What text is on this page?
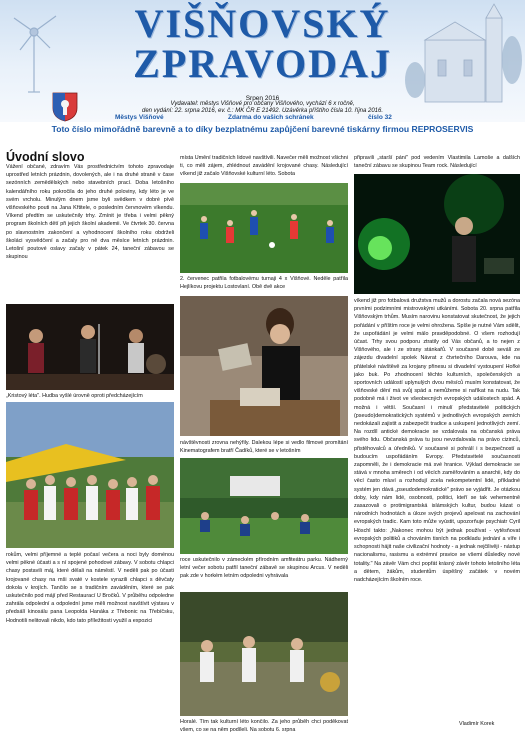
VIŠŇOVSKÝ
ZPRAVODAJ
Srpen 2016
Vydavatel: městys Višňové pro občany Višňového, vychází 6 x ročně,
den vydání: 22. srpna 2016, ev. č.: MK ČR E 21492. Uzávěrka příštího čísla 10. října 2016.
Městys Višňové	Zdarma do vašich schránek	číslo 32
Toto číslo mimořádně barevně a to díky bezplatnému zapůjčení barevné tiskárny firmou REPROSERVIS
Úvodní slovo

Vážení občané, zdravím Vás prostřednictvím tohoto zpravodaje uprostřed letních prázdnin, dovolených, ale i na druhé straně v čase sezónních zemědělských nebo stavebních prací. Doba letošního kalendářního roku pokročila do jeho druhé poloviny, kdy léto je ve svém vrcholu. Minulým dnem jsme byli svědkem v dobré pívě višňovského pouti na Jana Křtitele, o posledním červnovém víkendu. Víkend předtím se uskutečnily trhy. Zmínit je třeba i velmi pěkný program školních dětí při jejich školní akademii. Ve čtvrtek 30. června po slavnostním zakončení a vyhodnocení školního roku obdrželi školáci vysvědčení a začaly pro ně dva měsíce letních prázdnin. Letošní poutové oslavy začaly v pátek 24, taneční zábavou se skupinou

„Kristový léta". Hudba vyšlé úrovně oproti předcházejícím

rokům, velmi příjemné a teplé počasí večera a noci byly doménou velmi pěkné účasti a s ní spojené pohodové zábavy. V sobotu chlapci chasy postavili máj, které dělali na náměstí. V neděli pak po účasti krojované chasy na mši svaté v kostele vyrazili chlapci s děvčaty dokola v krojích. Tančilo se s tradičním zaváděním, které se pak uskutečnilo pod májí před Restaurací U Bročků. V průběhu odpoledne zahrála odpolední a odpolední jsme měli možnost navštívit výstavu v předsálí kinosálu pana Leopolda Hanáka z Třebonic na Třebíčsku, Hodnotili nelitovali nikdo, kdo tato příležitosti využil a expozici

místa Umění tradičních lidové navštívili. Navečer měli možnost všichni ti, co měli zájem, zhlédnout zavádění krojované chasy. Následující víkend již začalo Višňovské kulturní léto. Sobota

2. červenec patřila fotbalovému turnaji 4 x Višňové. Neděle patřila Hejlíkovu projektu Lostovlaní. Obě dvě akce

návštěvnosti zrovna nehýřily. Dalekou lépe si vedlo filmové promítání Kinematografem bratří Čadíků, které se v letošním

roce uskutečnilo v zámeckém přírodním amfiteátru parku. Nádherný letní večer sobotu patřil taneční zábavě se skupinou Arcus. V neděli pak zde v horkém letním odpoledni vyhrávala

Horalé. Tím tak kulturní léto končilo. Za jeho průběh chci poděkovat všem, co se na něm podíleli. Na sobotu 6. srpna

připravili „starší páni" pod vedením Vlastimila Lamoše a dalších taneční zábavu se skupinou Team rock. Následující

víkend již pro fotbalová družstva mužů a dorostu začala nová sezóna prvními podzimními mistrovskými utkáními. Sobota 20. srpna patřila Višňovským trhům. Musím narovinu konstatovat skutečnost, že jejich pořádání v příštím roce je velmi ohrožena. Spíše je nutné Vám sdělit, že uspořádání je velmi málo pravděpodobné. O všem rozhodují účast. Trhy svou podporu ztratily od Vás občanů, a to nejen z Višňového, ale i ze strany stánkařů. V současné době seválí ze zájezdu divadelní spolek Návrat z čtvrtečního Darouva, kde na přátelské návštěvě za krojany přinesu si divadelní vystoupení Hořké jako buk. Po zhodnocení těchto kulturních, společenských a sportovních událostí uplynulých dvou měsíců musím konstatovat, že višňovské dění má svůj spád a nemůžeme si naříkat na nudu. Tak podobně má i život ve všeobecných evropských událostech spád. A možná i větší. Současní i minulí představitelé politických (pseudo)demokratických systémů v jednotlivých evropských zemích nedokázali zajistit a zabezpečit tradice a uskupení jednotlivých zemí. Na rozdíl antické demokracie se vzdalovala na občanská práva svého lidu. Občanská práva tu jsou nevzdalovala na právo cizinců, přistěhovalců a úředníků. V současné si pohrálí i s bezpečností a budoucím uspořádáním Evropy. Představitelé současnosti zapomněli, že i demokracie má své hranice. Výklad demokracie se stává v mnoha směrech i od věcích zaměřováním a anarchii, kdy do věcí často mluví a rozhodují zcela nekompetentní lidé, příkladné systém jen dává „pseudodemokratické" právo se vyjádřit. Je otázkou doby, kdy nám lidé, osobnosti, politici, kteří se tak vehementně zasazovali o protimigrantská islámských kultur, budou kázat o národních hodnotách a úloze svých projevů apelovat na zachování evropských tradic. Kam toto může vyústit, upozorňuje psychiatr Cyril Höschl takto: „Nakonec mohou být jednak používat - vytěsňovat evropských politiků a chováním tisních na podkladu jednání a víře i schopnosti hájit naše civilizační hodnoty - a jednak nejčilivěji - nástup nacionalismu, rasismu a extrémní pravice se všemi důsledky nové totality." Na závěr Vám chci popřát krásný závěr tohoto letošního léta a dětem, žákům, studentům úspěšný začátek v novém nadcházejícím školním roce.

Vladimír Korek
